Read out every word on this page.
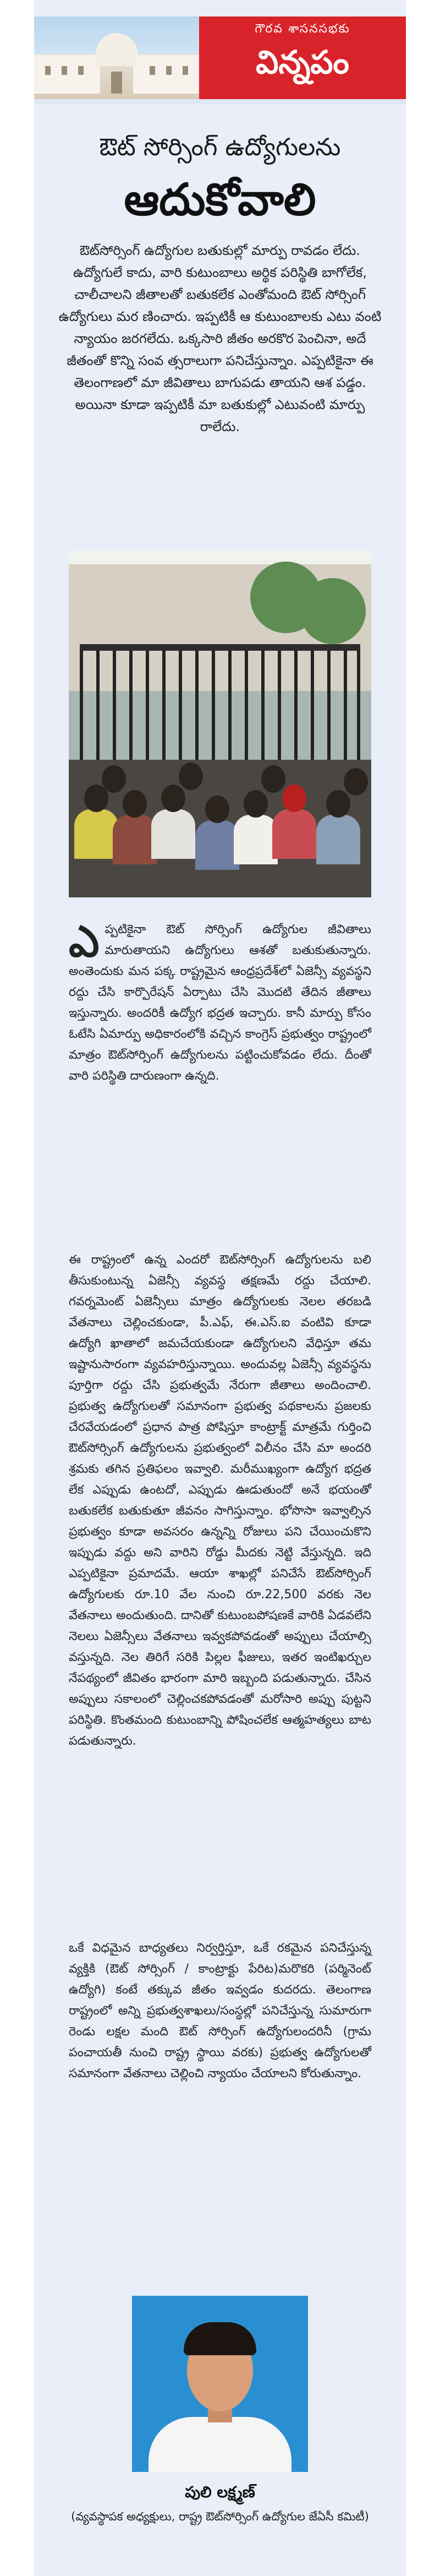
గౌరవ శాసనసభకు
విన్నపం
ఔట్ సోర్సింగ్ ఉద్యోగులను
ఆదుకోవాలి
ఔట్‌సోర్సింగ్ ఉద్యోగుల బతుకుల్లో మార్పు రావడం లేదు. ఉద్యోగులే కాదు, వారి కుటుంబాలు అర్థిక పరిస్థితి బాగోలేక, చాలీచాలని జీతాలతో బతుకలేక ఎంతోమంది ఔట్ సోర్సింగ్ ఉద్యోగులు మర ణించారు. ఇప్పటికీ ఆ కుటుంబాలకు ఎటు వంటి న్యాయం జరగలేదు. ఒక్కసారి జీతం అరకొర పెంచినా, అదే జీతంతో కొన్ని సంవ త్సరాలుగా పనిచేస్తున్నాం. ఎప్పటికైనా ఈ తెలంగాణలో మా జీవితాలు బాగుపడు తాయని ఆశ పడ్డం. అయినా కూడా ఇప్పటికీ మా బతుకుల్లో ఎటువంటి మార్పు రాలేదు.
ఎ ప్పటికైనా ఔట్ సోర్సింగ్ ఉద్యోగుల జీవితాలు మారుతాయని ఉద్యోగులు ఆశతో బతుకుతున్నారు. అంతెందుకు మన పక్క రాష్ట్రమైన ఆంధ్రప్రదేశ్‌లో ఏజెన్సీ వ్యవస్థని రద్దు చేసి కార్పొరేషన్ ఏర్పాటు చేసి మొదటి తేదిన జీతాలు ఇస్తున్నారు. అందరికీ ఉద్యోగ భద్రత ఇచ్చారు. కానీ మార్పు కోసం ఓటేసి ఏమార్పు అధికారంలోకి వచ్చిన కాంగ్రెస్ ప్రభుత్వం రాష్ట్రంలో మాత్రం ఔట్‌సోర్సింగ్ ఉద్యోగులను పట్టించుకోవడం లేదు. దీంతో వారి పరిస్థితి దారుణంగా ఉన్నది.
ఈ రాష్ట్రంలో ఉన్న ఎందరో ఔట్‌సోర్సింగ్ ఉద్యోగులను బలి తీసుకుంటున్న ఏజెన్సీ వ్యవస్థ తక్షణమే రద్దు చేయాలి. గవర్నమెంట్ ఏజెన్సీలు మాత్రం ఉద్యోగులకు నెలల తరబడి వేతనాలు చెల్లించకుండా, పీ.ఎఫ్, ఈ.ఎస్.ఐ వంటివి కూడా ఉద్యోగి ఖాతాలో జమచేయకుండా ఉద్యోగులని వేధిస్తూ తమ ఇష్టానుసారంగా వ్యవహరిస్తున్నాయి. అందువల్ల ఏజెన్సీ వ్యవస్థను పూర్తిగా రద్దు చేసి ప్రభుత్వమే నేరుగా జీతాలు అందించాలి. ప్రభుత్వ ఉద్యోగులతో సమానంగా ప్రభుత్వ పథకాలను ప్రజలకు చేరవేయడంలో ప్రధాన పాత్ర పోషిస్తూ కాంట్రాక్ట్ మాత్రమే గుర్తించి ఔట్‌సోర్సింగ్ ఉద్యోగులను ప్రభుత్వంలో విలీనం చేసి మా అందరి శ్రమకు తగిన ప్రతిఫలం ఇవ్వాలి. మరీముఖ్యంగా ఉద్యోగ భద్రత లేక ఎప్పుడు ఉంటదో, ఎప్పుడు ఊడుతుందో అనే భయంతో బతుకలేక బతుకుతూ జీవనం సాగిస్తున్నాం. భోసొసా ఇవ్వాల్సిన ప్రభుత్వం కూడా అవసరం ఉన్నన్ని రోజులు పని చేయించుకొని ఇప్పుడు వద్దు అని వారిని రోడ్డు మీదకు నెట్టి వేస్తున్నది. ఇది ఎప్పటికైనా ప్రమాదమే. ఆయా శాఖల్లో పనిచేసే ఔట్‌సోర్సింగ్ ఉద్యోగులకు రూ.10 వేల నుంచి రూ.22,500 వరకు నెల వేతనాలు అందుతుంది. దానితో కుటుంబపోషణకే వారికి ఏడవలేని నెలలు ఏజెన్సీలు వేతనాలు ఇవ్వకపోవడంతో అప్పులు చేయాల్సి వస్తున్నది. నెల తిరిగే సరికి పిల్లల ఫీజులు, ఇతర ఇంటిఖర్చుల నేపథ్యంలో జీవితం భారంగా మారి ఇబ్బంది పడుతున్నారు. చేసిన అప్పులు సకాలంలో చెల్లించకపోవడంతో మరోసారి అప్పు పుట్టని పరిస్థితి. కొంతమంది కుటుంబాన్ని పోషించలేక ఆత్మహత్యలు బాట పడుతున్నారు.
ఒకే విధమైన బాధ్యతలు నిర్వర్తిస్తూ, ఒకే రకమైన పనిచేస్తున్న వ్యక్తికి (ఔట్ సోర్సింగ్ / కాంట్రాక్టు పేరిట)మరొకరి (పర్మినెంట్ ఉద్యోగి) కంటే తక్కువ జీతం ఇవ్వడం కుదరదు. తెలంగాణ రాష్ట్రంలో అన్ని ప్రభుత్వశాఖలు/సంస్థల్లో పనిచేస్తున్న సుమారుగా రెండు లక్షల మంది ఔట్ సోర్సింగ్ ఉద్యోగులందరినీ (గ్రామ పంచాయతీ నుంచి రాష్ట్ర స్థాయి వరకు) ప్రభుత్వ ఉద్యోగులతో సమానంగా వేతనాలు చెల్లించి న్యాయం చేయాలని కోరుతున్నాం.
పులి లక్ష్మణ్
(వ్యవస్థాపక అధ్యక్షులు, రాష్ట్ర ఔట్‌సోర్సింగ్ ఉద్యోగుల జేఏసీ కమిటీ)
